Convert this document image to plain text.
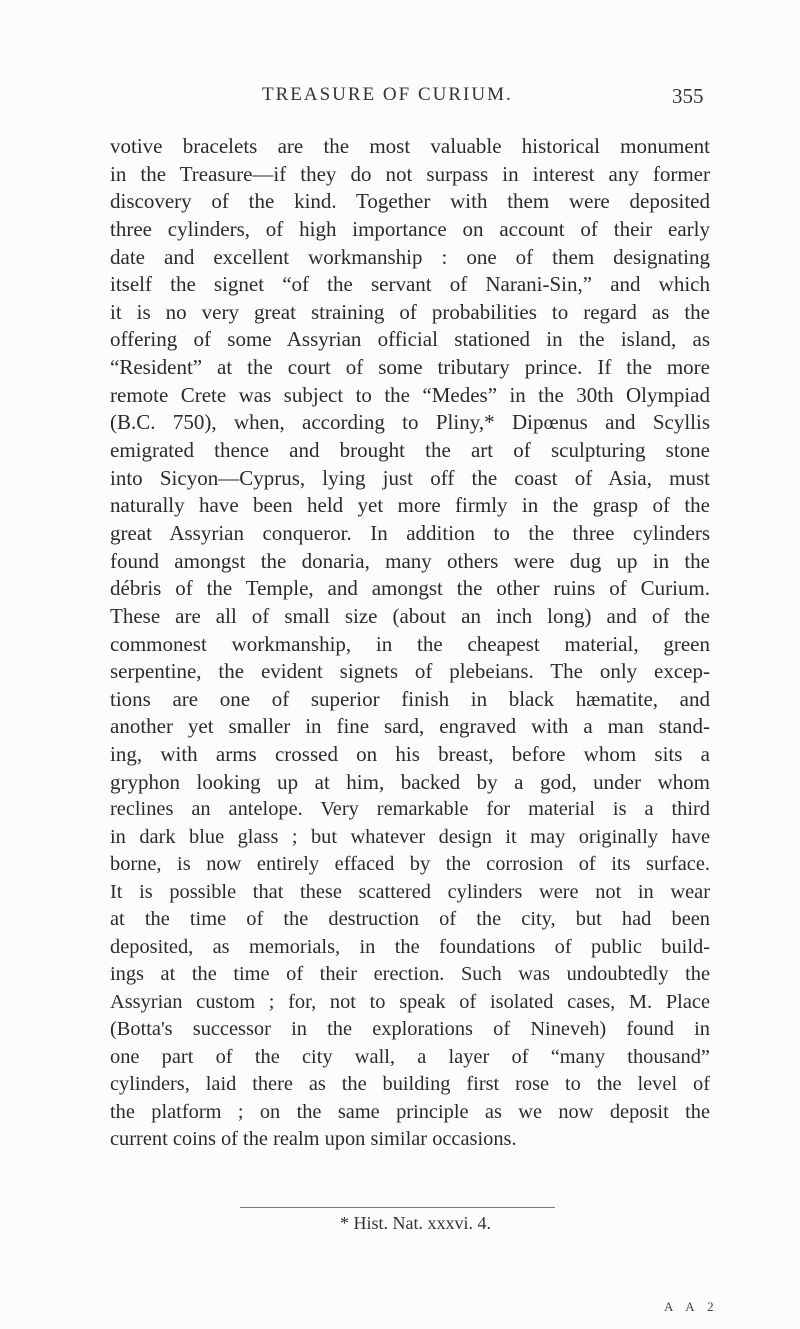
TREASURE OF CURIUM.	355
votive bracelets are the most valuable historical monument
in the Treasure—if they do not surpass in interest any former
discovery of the kind. Together with them were deposited
three cylinders, of high importance on account of their early
date and excellent workmanship : one of them designating
itself the signet “of the servant of Narani-Sin,” and which
it is no very great straining of probabilities to regard as the
offering of some Assyrian official stationed in the island, as
“Resident” at the court of some tributary prince. If the more
remote Crete was subject to the “Medes” in the 30th Olympiad
(B.C. 750), when, according to Pliny,* Dipœnus and Scyllis
emigrated thence and brought the art of sculpturing stone
into Sicyon—Cyprus, lying just off the coast of Asia, must
naturally have been held yet more firmly in the grasp of the
great Assyrian conqueror. In addition to the three cylinders
found amongst the donaria, many others were dug up in the
débris of the Temple, and amongst the other ruins of Curium.
These are all of small size (about an inch long) and of the
commonest workmanship, in the cheapest material, green
serpentine, the evident signets of plebeians. The only excep-
tions are one of superior finish in black hæmatite, and
another yet smaller in fine sard, engraved with a man stand-
ing, with arms crossed on his breast, before whom sits a
gryphon looking up at him, backed by a god, under whom
reclines an antelope. Very remarkable for material is a third
in dark blue glass ; but whatever design it may originally have
borne, is now entirely effaced by the corrosion of its surface.
It is possible that these scattered cylinders were not in wear
at the time of the destruction of the city, but had been
deposited, as memorials, in the foundations of public build-
ings at the time of their erection. Such was undoubtedly the
Assyrian custom ; for, not to speak of isolated cases, M. Place
(Botta's successor in the explorations of Nineveh) found in
one part of the city wall, a layer of “many thousand”
cylinders, laid there as the building first rose to the level of
the platform ; on the same principle as we now deposit the
current coins of the realm upon similar occasions.
* Hist. Nat. xxxvi. 4.
A A 2
